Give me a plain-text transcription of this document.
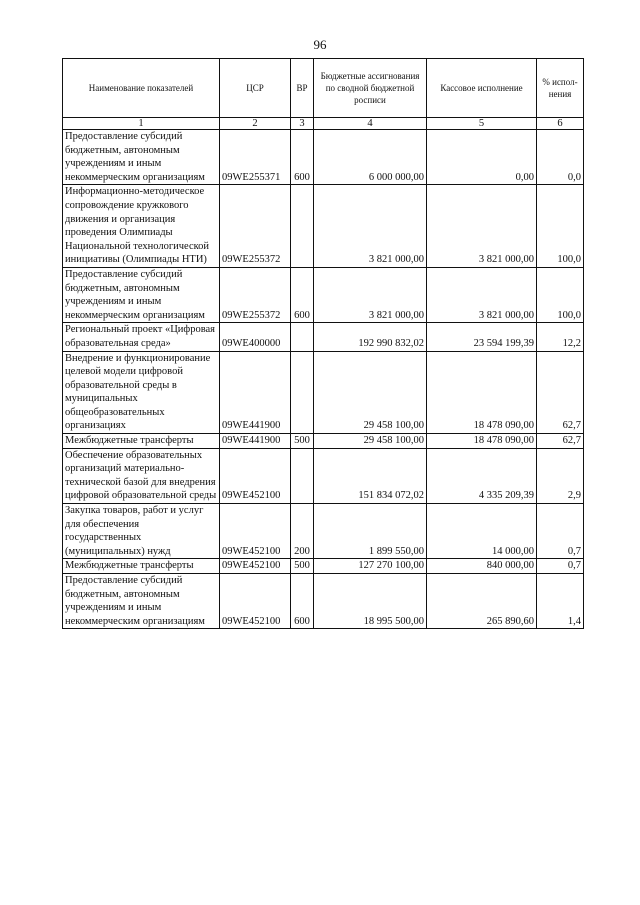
96
Наименование показателей	ЦСР	ВР	Бюджетные ассигнования по сводной бюджетной росписи	Кассовое исполнение	% испол-нения
1	2	3	4	5	6
Предоставление субсидий бюджетным, автономным учреждениям и иным некоммерческим организациям	09WE255371	600	6 000 000,00	0,00	0,0
Информационно-методическое сопровождение кружкового движения и организация проведения Олимпиады Национальной технологической инициативы (Олимпиады НТИ)	09WE255372		3 821 000,00	3 821 000,00	100,0
Предоставление субсидий бюджетным, автономным учреждениям и иным некоммерческим организациям	09WE255372	600	3 821 000,00	3 821 000,00	100,0
Региональный проект «Цифровая образовательная среда»	09WE400000		192 990 832,02	23 594 199,39	12,2
Внедрение и функционирование целевой модели цифровой образовательной среды в муниципальных общеобразовательных организациях	09WE441900		29 458 100,00	18 478 090,00	62,7
Межбюджетные трансферты	09WE441900	500	29 458 100,00	18 478 090,00	62,7
Обеспечение образовательных организаций материально-технической базой для внедрения цифровой образовательной среды	09WE452100		151 834 072,02	4 335 209,39	2,9
Закупка товаров, работ и услуг для обеспечения государственных (муниципальных) нужд	09WE452100	200	1 899 550,00	14 000,00	0,7
Межбюджетные трансферты	09WE452100	500	127 270 100,00	840 000,00	0,7
Предоставление субсидий бюджетным, автономным учреждениям и иным некоммерческим организациям	09WE452100	600	18 995 500,00	265 890,60	1,4
